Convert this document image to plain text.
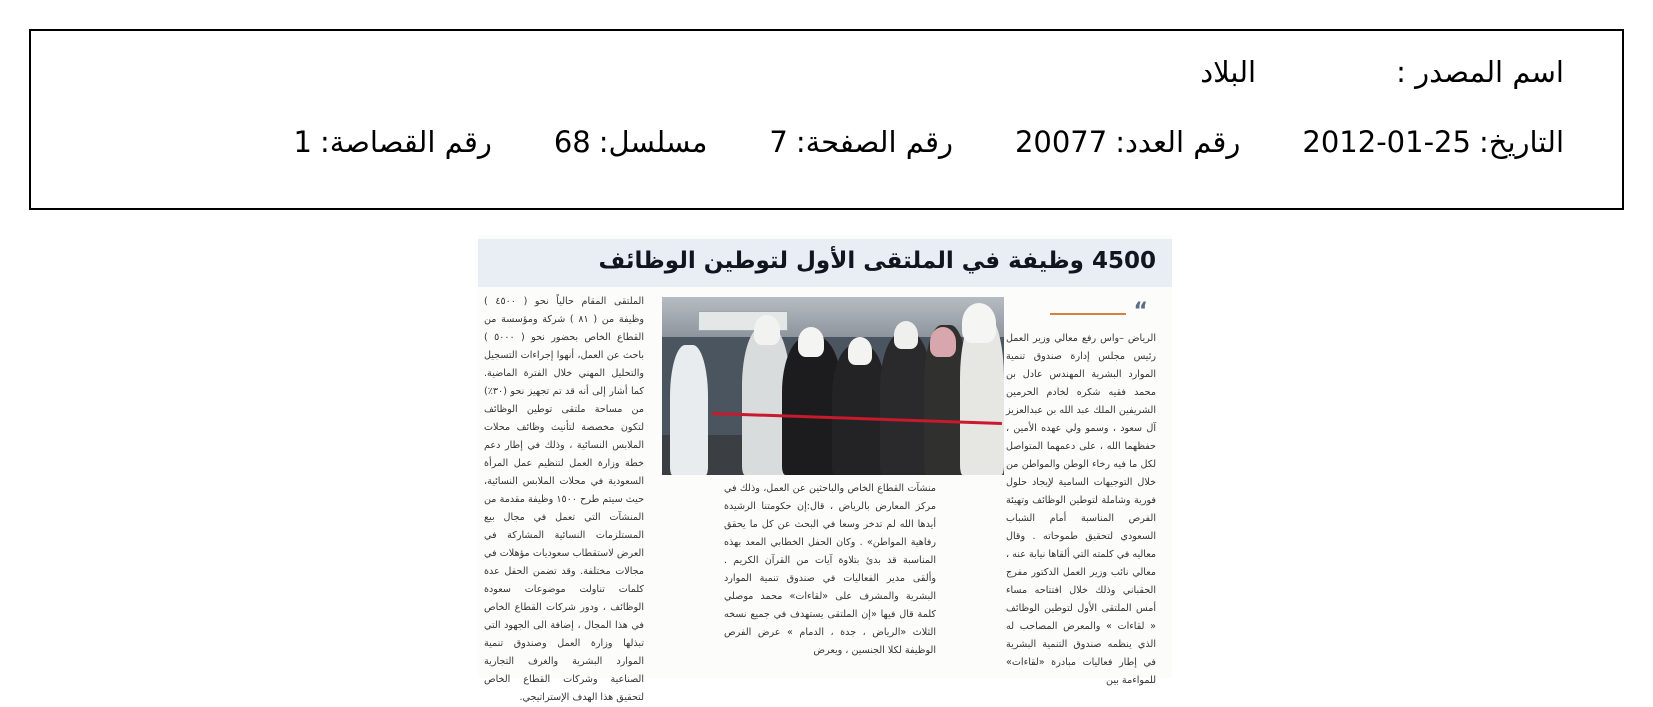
اسم المصدر :
البلاد
التاريخ:
2012-01-25
رقم العدد:
20077
رقم الصفحة:
7
مسلسل:
68
رقم القصاصة:
1
4500 وظيفة في الملتقى الأول لتوطين الوظائف
“
الرياض –واس رفع معالي وزير العمل رئيس مجلس إدارة صندوق تنمية الموارد البشرية المهندس عادل بن محمد فقيه شكره لخادم الحرمين الشريفين الملك عبد الله بن عبدالعزيز آل سعود ، وسمو ولي عهده الأمين ، حفظهما الله ، على دعمهما المتواصل لكل ما فيه رخاء الوطن والمواطن من خلال التوجيهات السامية لإيجاد حلول فورية وشاملة لتوطين الوظائف وتهيئة الفرص المناسبة أمام الشباب السعودي لتحقيق طموحاته . وقال معاليه في كلمته التي ألقاها نيابة عنه ، معالي نائب وزير العمل الدكتور مفرج الحقباني وذلك خلال افتتاحه مساء أمس الملتقى الأول لتوطين الوظائف « لقاءات » والمعرض المصاحب له الذي ينظمه صندوق التنمية البشرية في إطار فعاليات مبادرة «لقاءات» للمواءمة بين
منشآت القطاع الخاص والباحثين عن العمل، وذلك في مركز المعارض بالرياض ، قال:إن حكومتنا الرشيدة أيدها الله لم تدخر وسعا في البحث عن كل ما يحقق رفاهية المواطن» . وكان الحفل الخطابي المعد بهذه المناسبة قد بدئ بتلاوة آيات من القرآن الكريم . وألقى مدير الفعاليات في صندوق تنمية الموارد البشرية والمشرف على «لقاءات» محمد موصلي كلمة قال فيها «إن الملتقى يستهدف في جميع نسخه الثلاث «الرياض ، جدة ، الدمام » عرض الفرص الوظيفة لكلا الجنسين ، ويعرض
الملتقى المقام حالياً نحو ( ٤٥٠٠ ) وظيفة من ( ٨١ ) شركة ومؤسسة من القطاع الخاص بحضور نحو ( ٥٠٠٠ ) باحث عن العمل، أنهوا إجراءات التسجيل والتحليل المهني خلال الفترة الماضية. كما أشار إلى أنه قد تم تجهيز نحو (٣٠٪) من مساحة ملتقى توطين الوظائف لتكون مخصصة لتأنيث وظائف محلات الملابس النسائية ، وذلك في إطار دعم خطة وزارة العمل لتنظيم عمل المرأة السعودية في محلات الملابس النسائية، حيث سيتم طرح ١٥٠٠ وظيفة مقدمة من المنشآت التي تعمل في مجال بيع المستلزمات النسائية المشاركة في العرض لاستقطاب سعوديات مؤهلات في مجالات مختلفة. وقد تضمن الحفل عدة كلمات تناولت موضوعات سعودة الوظائف ، ودور شركات القطاع الخاص في هذا المجال ، إضافة الى الجهود التي تبذلها وزارة العمل وصندوق تنمية الموارد البشرية والغرف التجارية الصناعية وشركات القطاع الخاص لتحقيق هذا الهدف الإستراتيجي.
